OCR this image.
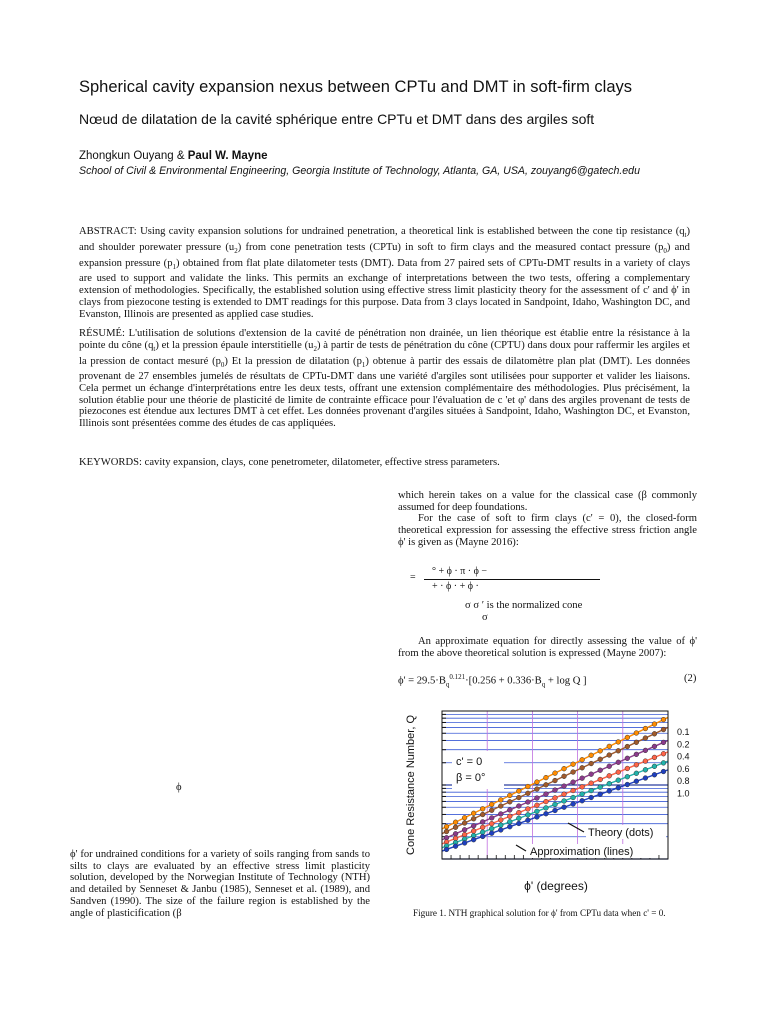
Spherical cavity expansion nexus between CPTu and DMT in soft-firm clays
Nœud de dilatation de la cavité sphérique entre CPTu et DMT dans des argiles soft
Zhongkun Ouyang & Paul W. Mayne
School of Civil & Environmental Engineering, Georgia Institute of Technology, Atlanta, GA, USA, zouyang6@gatech.edu
ABSTRACT: Using cavity expansion solutions for undrained penetration, a theoretical link is established between the cone tip resistance $(q_t)$ and shoulder porewater pressure $(u_2)$ from cone penetration tests (CPTu) in soft to firm clays and the measured contact pressure $(p_0)$ and expansion pressure $(p_1)$ obtained from flat plate dilatometer tests (DMT). Data from 27 paired sets of CPTu-DMT results in a variety of clays are used to support and validate the links. This permits an exchange of interpretations between the two tests, offering a complementary extension of methodologies. Specifically, the established solution using effective stress limit plasticity theory for the assessment of c' and ϕ' in clays from piezocone testing is extended to DMT readings for this purpose. Data from 3 clays located in Sandpoint, Idaho, Washington DC, and Evanston, Illinois are presented as applied case studies.
RÉSUMÉ: L'utilisation de solutions d'extension de la cavité de pénétration non drainée, un lien théorique est établie entre la résistance à la pointe du cône $(q_t)$ et la pression épaule interstitielle $(u_2)$ à partir de tests de pénétration du cône (CPTU) dans doux pour raffermir les argiles et la pression de contact mesuré $(p_0)$ Et la pression de dilatation $(p_1)$ obtenue à partir des essais de dilatomètre plan plat (DMT). Les données provenant de 27 ensembles jumelés de résultats de CPTu-DMT dans une variété d'argiles sont utilisées pour supporter et valider les liaisons. Cela permet un échange d'interprétations entre les deux tests, offrant une extension complémentaire des méthodologies. Plus précisément, la solution établie pour une théorie de plasticité de limite de contrainte efficace pour l'évaluation de c 'et φ' dans des argiles provenant de tests de piezocones est étendue aux lectures DMT à cet effet. Les données provenant d'argiles situées à Sandpoint, Idaho, Washington DC, et Evanston, Illinois sont présentées comme des études de cas appliquées.
KEYWORDS: cavity expansion, clays, cone penetrometer, dilatometer, effective stress parameters.
which herein takes on a value for the classical case (β commonly assumed for deep foundations.
For the case of soft to firm clays (c' = 0), the closed-form theoretical expression for assessing the effective stress friction angle ϕ' is given as (Mayne 2016):
=
° + ϕ · π · ϕ −
+ · ϕ · + ϕ ·
σ σ ′ is the normalized cone
σ
An approximate equation for directly assessing the value of ϕ' from the above theoretical solution is expressed (Mayne 2007):
$\phi' = 29.5\cdot B_q^{0.121}\cdot[0.256 + 0.336\cdot B_q + \log Q$ ]	(2)
ϕ
ϕ' for undrained conditions for a variety of soils ranging from sands to silts to clays are evaluated by an effective stress limit plasticity solution, developed by the Norwegian Institute of Technology (NTH) and detailed by Senneset & Janbu (1985), Senneset et al. (1989), and Sandven (1990). The size of the failure region is established by the angle of plasticification (β
0.1
0.2
0.4
0.6
0.8
1.0
Cone Resistance Number, Q
ϕ' (degrees)
c' = 0
β = 0°
Theory (dots)
Approximation (lines)
Figure 1. NTH graphical solution for ϕ' from CPTu data when c' = 0.
